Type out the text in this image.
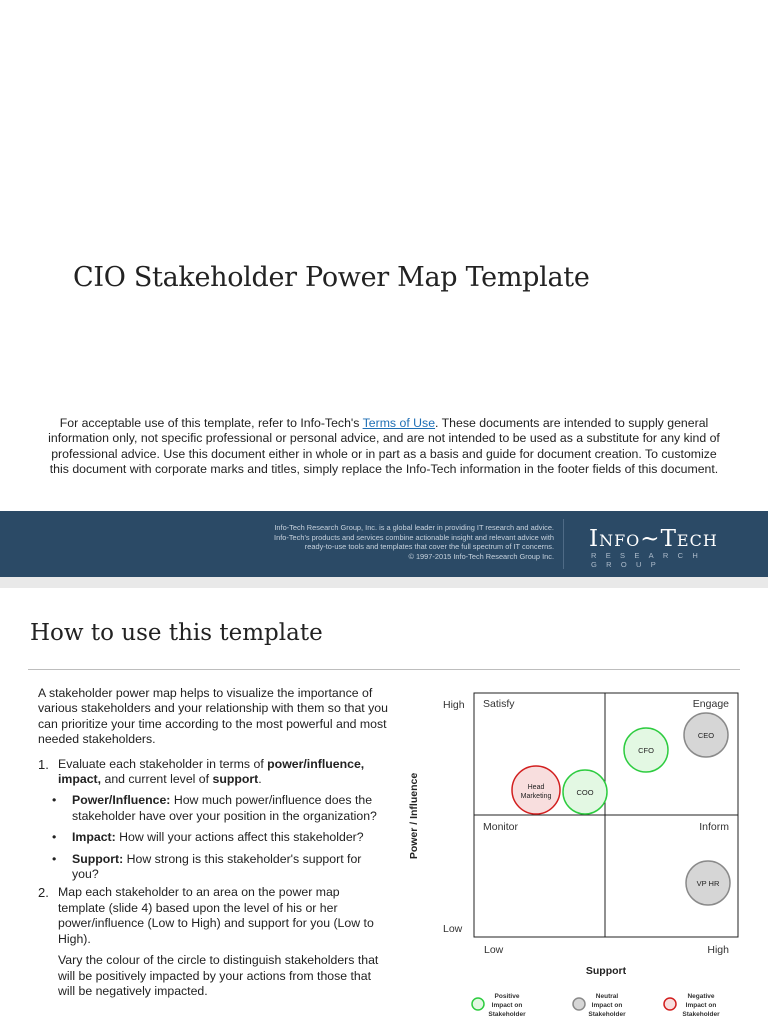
CIO Stakeholder Power Map Template
For acceptable use of this template, refer to Info-Tech's Terms of Use. These documents are intended to supply general information only, not specific professional or personal advice, and are not intended to be used as a substitute for any kind of professional advice. Use this document either in whole or in part as a basis and guide for document creation. To customize this document with corporate marks and titles, simply replace the Info-Tech information in the footer fields of this document.
Info-Tech Research Group, Inc. is a global leader in providing IT research and advice.
Info-Tech's products and services combine actionable insight and relevant advice with
ready-to-use tools and templates that cover the full spectrum of IT concerns.
© 1997-2015 Info-Tech Research Group Inc.
Info~Tech
RESEARCH GROUP
How to use this template

A stakeholder power map helps to visualize the importance of various stakeholders and your relationship with them so that you can prioritize your time according to the most powerful and most needed stakeholders.

1. Evaluate each stakeholder in terms of power/influence, impact, and current level of support.
•	Power/Influence: How much power/influence does the stakeholder have over your position in the organization?
•	Impact: How will your actions affect this stakeholder?
•	Support: How strong is this stakeholder's support for you?
2. Map each stakeholder to an area on the power map template (slide 4) based upon the level of his or her power/influence (Low to High) and support for you (Low to High).
Vary the colour of the circle to distinguish stakeholders that will be positively impacted by your actions from those that will be negatively impacted.
Satisfy	Engage
Monitor	Inform
High
Low
Low	High
Support
Power / Influence
CEO
CFO
Head
Marketing	COO
VP HR
Positive
Impact on
Stakeholder
Neutral
Impact on
Stakeholder
Negative
Impact on
Stakeholder
